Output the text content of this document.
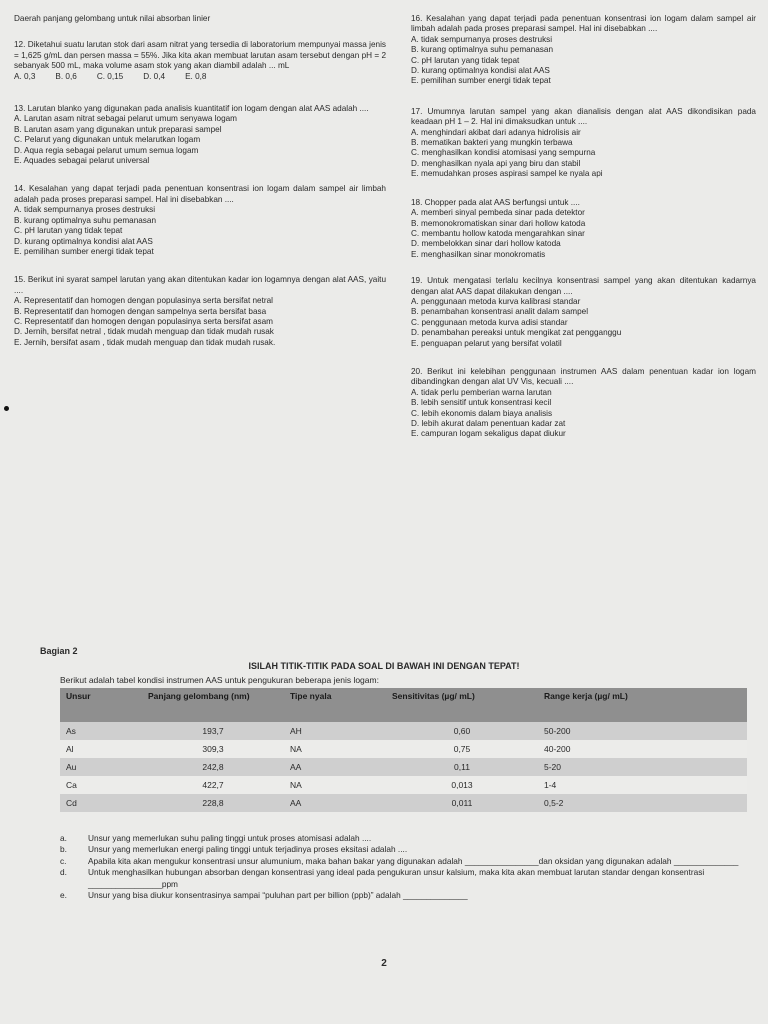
Daerah panjang gelombang untuk nilai absorban linier

12. Diketahui suatu larutan stok dari asam nitrat yang tersedia di laboratorium mempunyai massa jenis = 1,625 g/mL dan persen massa = 55%. Jika kita akan membuat larutan asam tersebut dengan pH = 2 sebanyak 500 mL, maka volume asam stok yang akan diambil adalah ... mL

A. 0,3 B. 0,6 C. 0,15 D. 0,4 E. 0,8

13. Larutan blanko yang digunakan pada analisis kuantitatif ion logam dengan alat AAS adalah ....

A. Larutan asam nitrat sebagai pelarut umum senyawa logam

B. Larutan asam yang digunakan untuk preparasi sampel

C. Pelarut yang digunakan untuk melarutkan logam

D. Aqua regia sebagai pelarut umum semua logam

E. Aquades sebagai pelarut universal

14. Kesalahan yang dapat terjadi pada penentuan konsentrasi ion logam dalam sampel air limbah adalah pada proses preparasi sampel. Hal ini disebabkan ....

A. tidak sempurnanya proses destruksi

B. kurang optimalnya suhu pemanasan

C. pH larutan yang tidak tepat

D. kurang optimalnya kondisi alat AAS

E. pemilihan sumber energi tidak tepat

15. Berikut ini syarat sampel larutan yang akan ditentukan kadar ion logamnya dengan alat AAS, yaitu ....

A. Representatif dan homogen dengan populasinya serta bersifat netral

B. Representatif dan homogen dengan sampelnya serta bersifat basa

C. Representatif dan homogen dengan populasinya serta bersifat asam

D. Jernih, bersifat netral , tidak mudah menguap dan tidak mudah rusak

E. Jernih, bersifat asam , tidak mudah menguap dan tidak mudah rusak.

16. Kesalahan yang dapat terjadi pada penentuan konsentrasi ion logam dalam sampel air limbah adalah pada proses preparasi sampel. Hal ini disebabkan ....

A. tidak sempurnanya proses destruksi

B. kurang optimalnya suhu pemanasan

C. pH larutan yang tidak tepat

D. kurang optimalnya kondisi alat AAS

E. pemilihan sumber energi tidak tepat

17. Umumnya larutan sampel yang akan dianalisis dengan alat AAS dikondisikan pada keadaan pH 1 – 2. Hal ini dimaksudkan untuk ....

A. menghindari akibat dari adanya hidrolisis air

B. mematikan bakteri yang mungkin terbawa

C. menghasilkan kondisi atomisasi yang sempurna

D. menghasilkan nyala api yang biru dan stabil

E. memudahkan proses aspirasi sampel ke nyala api

18. Chopper pada alat AAS berfungsi untuk ....

A. memberi sinyal pembeda sinar pada detektor

B. memonokromatiskan sinar dari hollow katoda

C. membantu hollow katoda mengarahkan sinar

D. membelokkan sinar dari hollow katoda

E. menghasilkan sinar monokromatis

19. Untuk mengatasi terlalu kecilnya konsentrasi sampel yang akan ditentukan kadarnya dengan alat AAS dapat dilakukan dengan ....

A. penggunaan metoda kurva kalibrasi standar

B. penambahan konsentrasi analit dalam sampel

C. penggunaan metoda kurva adisi standar

D. penambahan pereaksi untuk mengikat zat pengganggu

E. penguapan pelarut yang bersifat volatil

20. Berikut ini kelebihan penggunaan instrumen AAS dalam penentuan kadar ion logam dibandingkan dengan alat UV Vis, kecuali ....

A. tidak perlu pemberian warna larutan

B. lebih sensitif untuk konsentrasi kecil

C. lebih ekonomis dalam biaya analisis

D. lebih akurat dalam penentuan kadar zat

E. campuran logam sekaligus dapat diukur

Bagian 2
ISILAH TITIK-TITIK PADA SOAL DI BAWAH INI DENGAN TEPAT!
Berikut adalah tabel kondisi instrumen AAS untuk pengukuran beberapa jenis logam:
Unsur	Panjang gelombang (nm)	Tipe nyala	Sensitivitas (µg/ mL)	Range kerja (µg/ mL)
As	193,7	AH	0,60	50-200
Al	309,3	NA	0,75	40-200
Au	242,8	AA	0,11	5-20
Ca	422,7	NA	0,013	1-4
Cd	228,8	AA	0,011	0,5-2
a.	Unsur yang memerlukan suhu paling tinggi untuk proses atomisasi adalah ....
b.	Unsur yang memerlukan energi paling tinggi untuk terjadinya proses eksitasi adalah ....
c.	Apabila kita akan mengukur konsentrasi unsur alumunium, maka bahan bakar yang digunakan adalah ________________dan oksidan yang digunakan adalah ______________
d.	Untuk menghasilkan hubungan absorban dengan konsentrasi yang ideal pada pengukuran unsur kalsium, maka kita akan membuat larutan standar dengan konsentrasi ________________ppm
e.	Unsur yang bisa diukur konsentrasinya sampai “puluhan part per billion (ppb)” adalah ______________
2
